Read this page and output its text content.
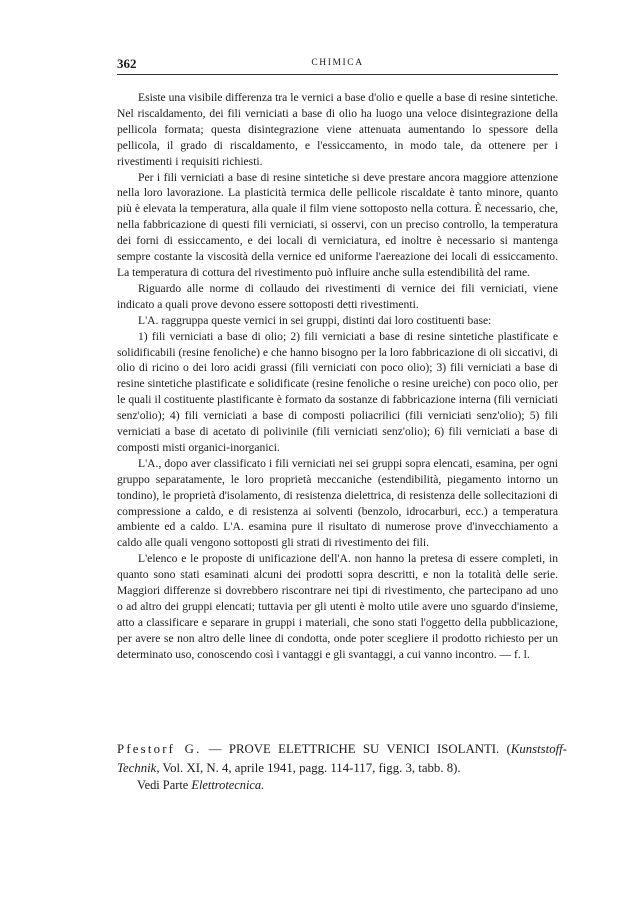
362	CHIMICA

Esiste una visibile differenza tra le vernici a base d'olio e quelle a base di resine sintetiche. Nel riscaldamento, dei fili verniciati a base di olio ha luogo una veloce disintegrazione della pellicola formata; questa disintegrazione viene attenuata aumentando lo spessore della pellicola, il grado di riscaldamento, e l'essiccamento, in modo tale, da ottenere per i rivestimenti i requisiti richiesti.

Per i fili verniciati a base di resine sintetiche si deve prestare ancora maggiore attenzione nella loro lavorazione. La plasticità termica delle pellicole riscaldate è tanto minore, quanto più è elevata la temperatura, alla quale il film viene sottoposto nella cottura. È necessario, che, nella fabbricazione di questi fili verniciati, si osservi, con un preciso controllo, la temperatura dei forni di essiccamento, e dei locali di verniciatura, ed inoltre è necessario si mantenga sempre costante la viscosità della vernice ed uniforme l'aereazione dei locali di essiccamento. La temperatura di cottura del rivestimento può influire anche sulla estendibilità del rame.

Riguardo alle norme di collaudo dei rivestimenti di vernice dei fili verniciati, viene indicato a quali prove devono essere sottoposti detti rivestimenti.

L'A. raggruppa queste vernici in sei gruppi, distinti dai loro costituenti base:

1) fili verniciati a base di olio; 2) fili verniciati a base di resine sintetiche plastificate e solidificabili (resine fenoliche) e che hanno bisogno per la loro fabbricazione di oli siccativi, di olio di ricino o dei loro acidi grassi (fili verniciati con poco olio); 3) fili verniciati a base di resine sintetiche plastificate e solidificate (resine fenoliche o resine ureiche) con poco olio, per le quali il costituente plastificante è formato da sostanze di fabbricazione interna (fili verniciati senz'olio); 4) fili verniciati a base di composti poliacrilici (fili verniciati senz'olio); 5) fili verniciati a base di acetato di polivinile (fili verniciati senz'olio); 6) fili verniciati a base di composti misti organici-inorganici.

L'A., dopo aver classificato i fili verniciati nei sei gruppi sopra elencati, esamina, per ogni gruppo separatamente, le loro proprietà meccaniche (estendibilità, piegamento intorno un tondino), le proprietà d'isolamento, di resistenza dielettrica, di resistenza delle sollecitazioni di compressione a caldo, e di resistenza ai solventi (benzolo, idrocarburi, ecc.) a temperatura ambiente ed a caldo. L'A. esamina pure il risultato di numerose prove d'invecchiamento a caldo alle quali vengono sottoposti gli strati di rivestimento dei fili.

L'elenco e le proposte di unificazione dell'A. non hanno la pretesa di essere completi, in quanto sono stati esaminati alcuni dei prodotti sopra descritti, e non la totalità delle serie. Maggiori differenze si dovrebbero riscontrare nei tipi di rivestimento, che partecipano ad uno o ad altro dei gruppi elencati; tuttavia per gli utenti è molto utile avere uno sguardo d'insieme, atto a classificare e separare in gruppi i materiali, che sono stati l'oggetto della pubblicazione, per avere se non altro delle linee di condotta, onde poter scegliere il prodotto richiesto per un determinato uso, conoscendo così i vantaggi e gli svantaggi, a cui vanno incontro. — f. l.

Pfestorf G. — PROVE ELETTRICHE SU VENICI ISOLANTI. (Kunststoff-Technik, Vol. XI, N. 4, aprile 1941, pagg. 114-117, figg. 3, tabb. 8).
Vedi Parte Elettrotecnica.
